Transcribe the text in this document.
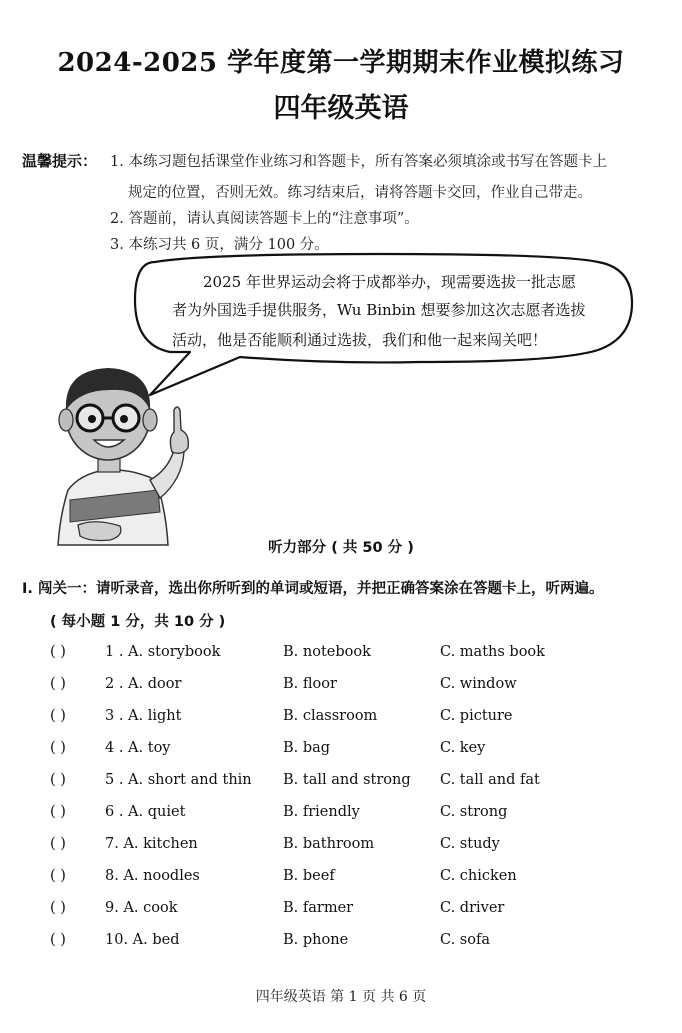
2024-2025 学年度第一学期期末作业模拟练习
四年级英语
温馨提示： 1. 本练习题包括课堂作业练习和答题卡，所有答案必须填涂或书写在答题卡上
规定的位置，否则无效。练习结束后，请将答题卡交回，作业自己带走。
2. 答题前，请认真阅读答题卡上的“注意事项”。
3. 本练习共 6 页，满分 100 分。
2025 年世界运动会将于成都举办，现需要选拔一批志愿
者为外国选手提供服务，Wu Binbin 想要参加这次志愿者选拔
活动，他是否能顺利通过选拔，我们和他一起来闯关吧！
听力部分 ( 共 50 分 )
Ⅰ. 闯关一：请听录音，选出你所听到的单词或短语，并把正确答案涂在答题卡上，听两遍。
( 每小题 1 分，共 10 分 )
( )	1 . A. storybook	B. notebook	C. maths book
( )	2 . A. door	B. floor	C. window
( )	3 . A. light	B. classroom	C. picture
( )	4 . A. toy	B. bag	C. key
( )	5 . A. short and thin B. tall and strong C. tall and fat
( )	6 . A. quiet	B. friendly	C. strong
( )	7. A. kitchen	B. bathroom	C. study
( )	8. A. noodles	B. beef	C. chicken
( )	9. A. cook	B. farmer	C. driver
( )	10. A. bed	B. phone	C. sofa
四年级英语 第 1 页 共 6 页
